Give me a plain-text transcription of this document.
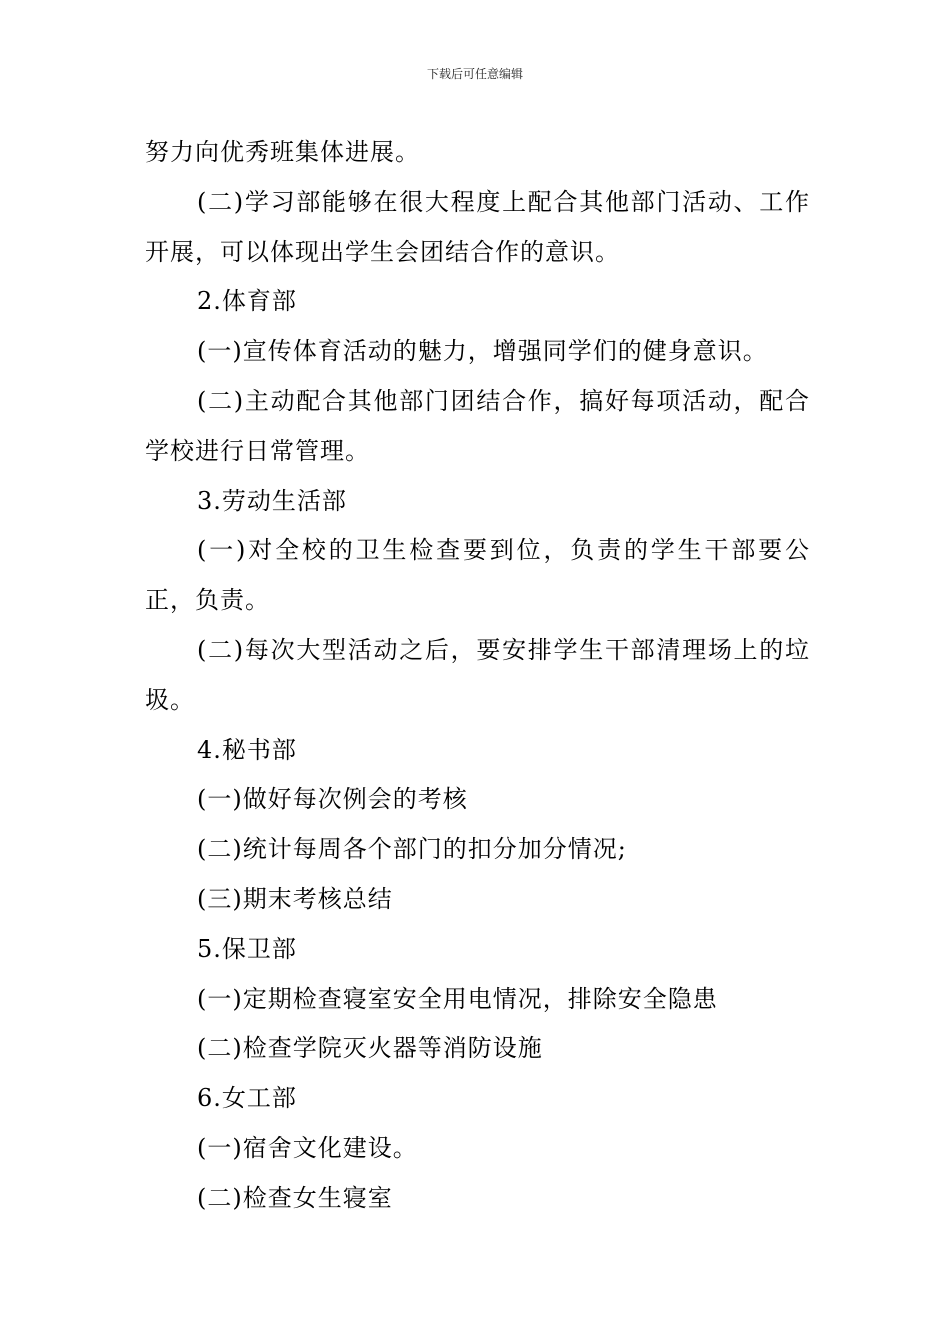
下载后可任意编辑

努力向优秀班集体进展。

(二)学习部能够在很大程度上配合其他部门活动、工作开展，可以体现出学生会团结合作的意识。

2.体育部

(一)宣传体育活动的魅力，增强同学们的健身意识。

(二)主动配合其他部门团结合作，搞好每项活动，配合学校进行日常管理。

3.劳动生活部

(一)对全校的卫生检查要到位，负责的学生干部要公正，负责。

(二)每次大型活动之后，要安排学生干部清理场上的垃圾。

4.秘书部

(一)做好每次例会的考核

(二)统计每周各个部门的扣分加分情况;

(三)期末考核总结

5.保卫部

(一)定期检查寝室安全用电情况，排除安全隐患

(二)检查学院灭火器等消防设施

6.女工部

(一)宿舍文化建设。

(二)检查女生寝室
